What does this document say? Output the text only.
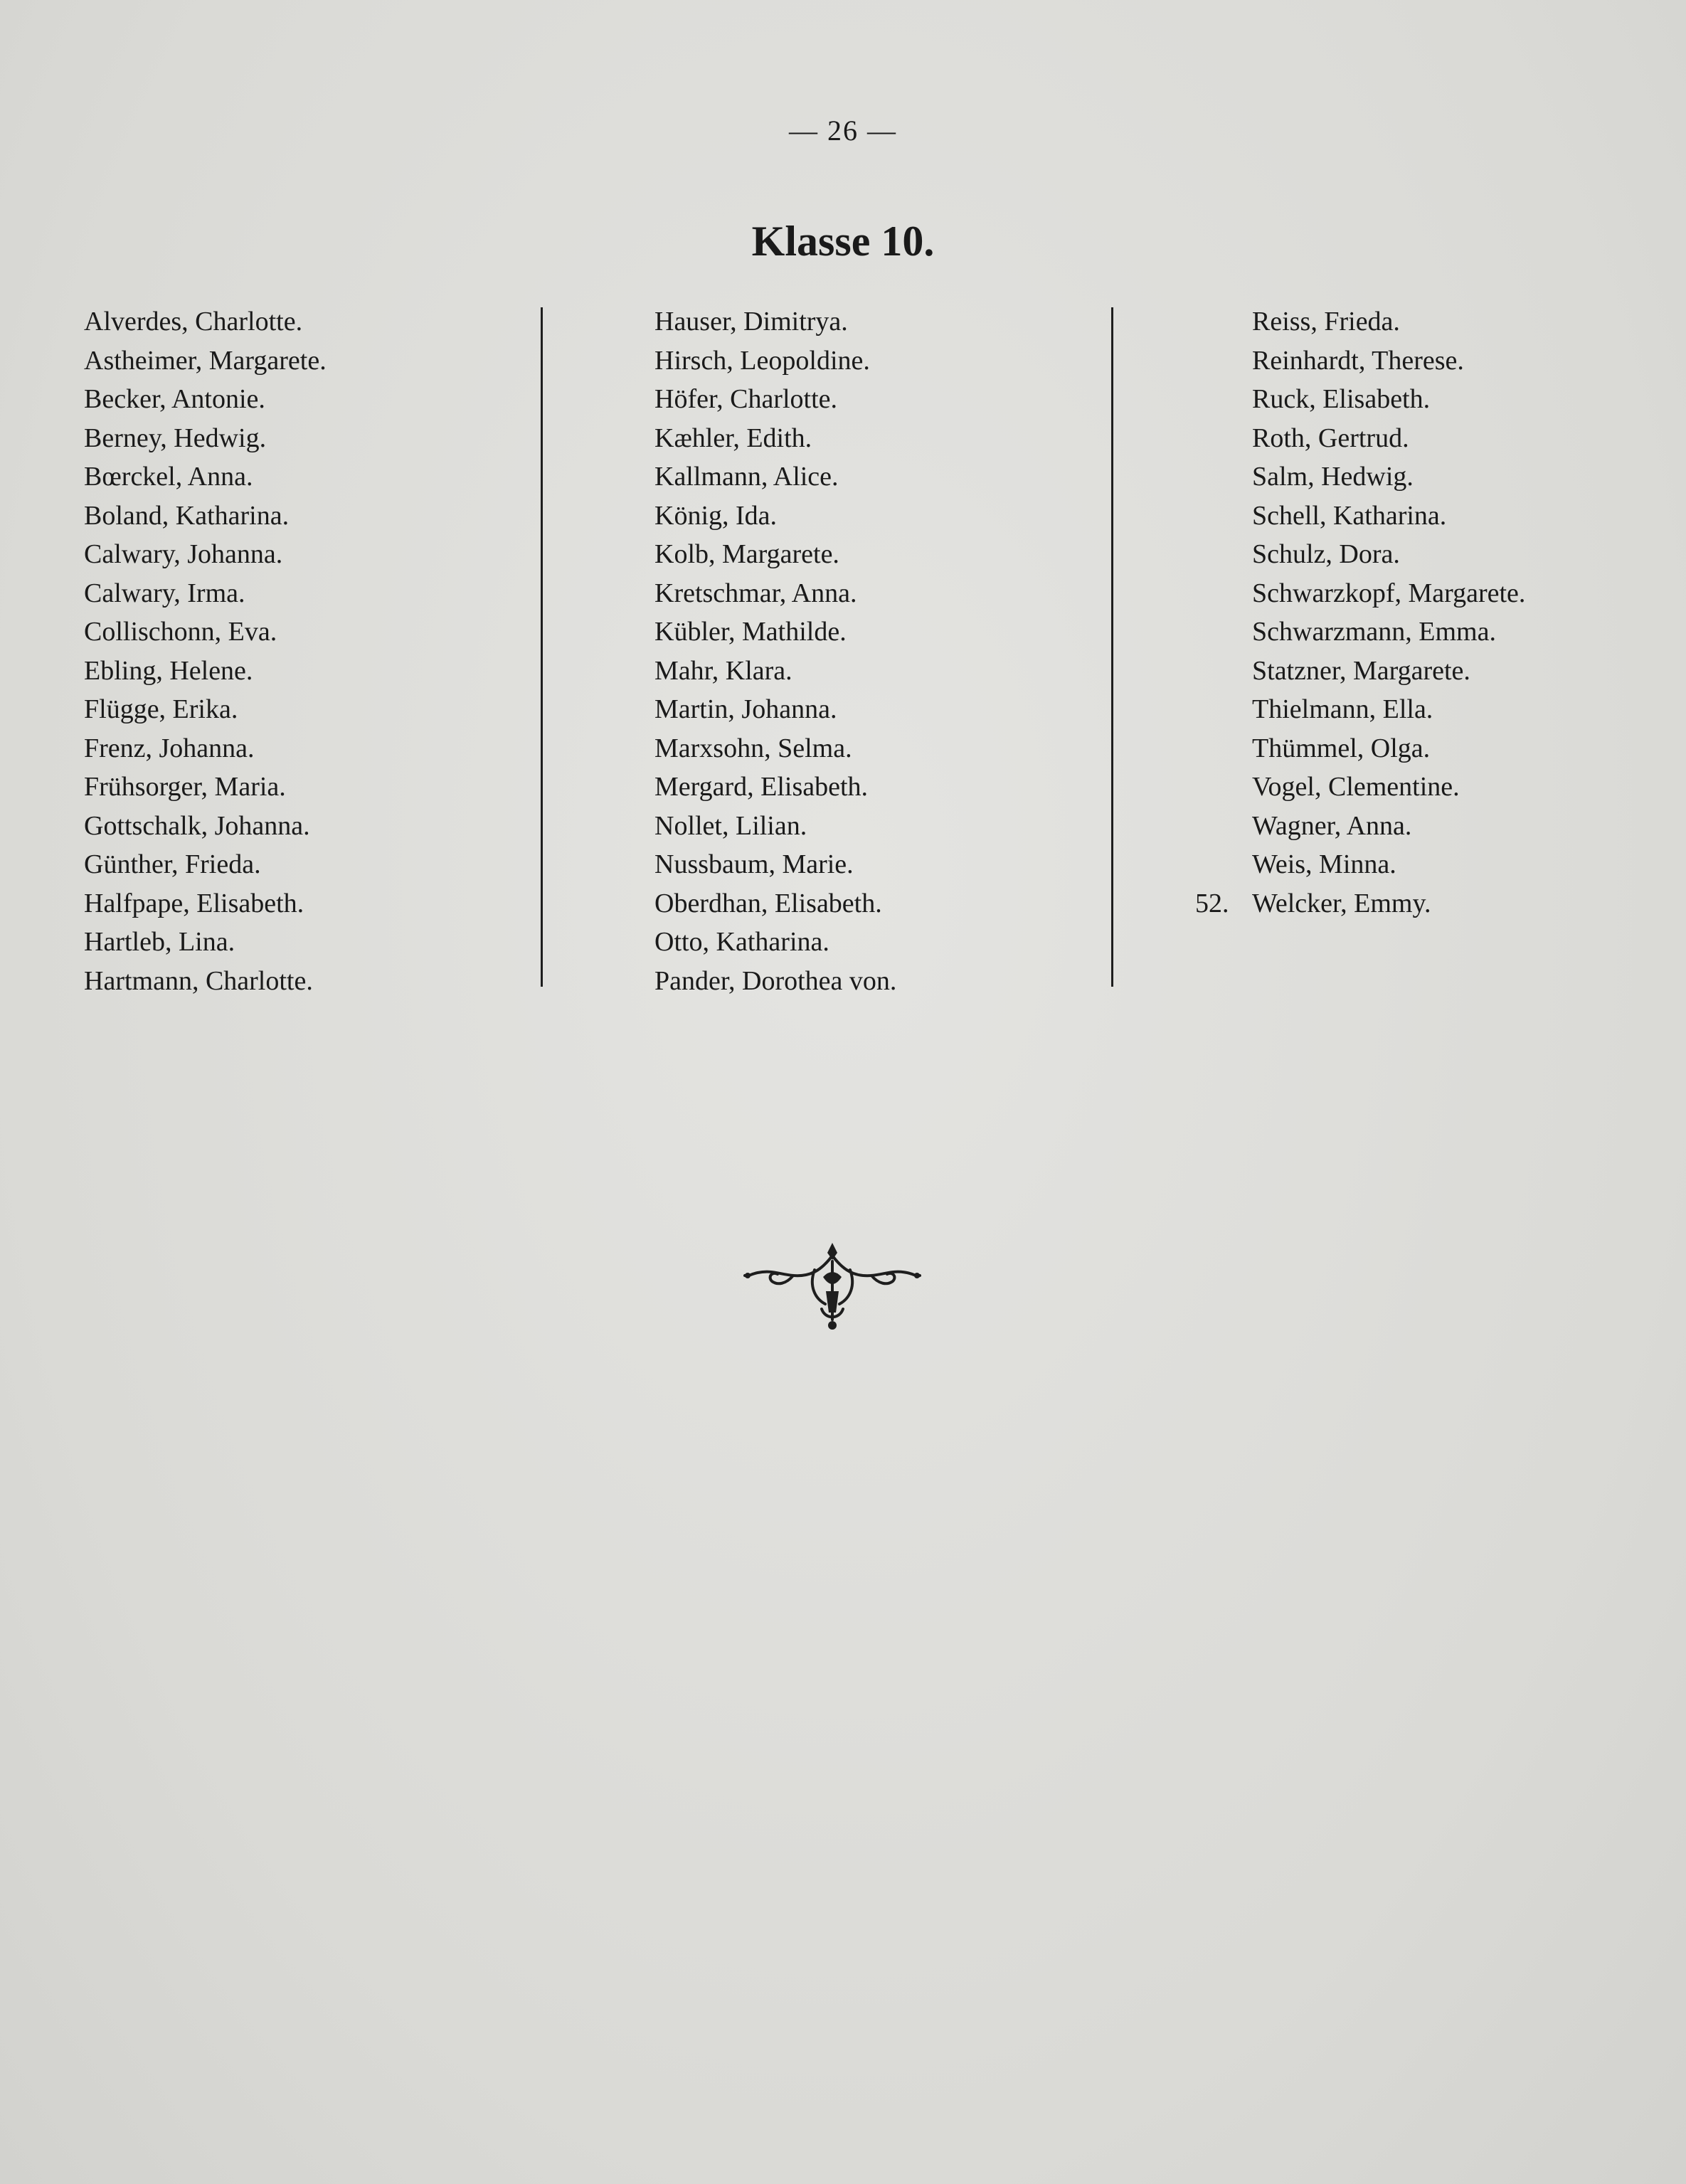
— 26 —
Klasse 10.
Alverdes, Charlotte.
Astheimer, Margarete.
Becker, Antonie.
Berney, Hedwig.
Bœrckel, Anna.
Boland, Katharina.
Calwary, Johanna.
Calwary, Irma.
Collischonn, Eva.
Ebling, Helene.
Flügge, Erika.
Frenz, Johanna.
Frühsorger, Maria.
Gottschalk, Johanna.
Günther, Frieda.
Halfpape, Elisabeth.
Hartleb, Lina.
Hartmann, Charlotte.
Hauser, Dimitrya.
Hirsch, Leopoldine.
Höfer, Charlotte.
Kæhler, Edith.
Kallmann, Alice.
König, Ida.
Kolb, Margarete.
Kretschmar, Anna.
Kübler, Mathilde.
Mahr, Klara.
Martin, Johanna.
Marxsohn, Selma.
Mergard, Elisabeth.
Nollet, Lilian.
Nussbaum, Marie.
Oberdhan, Elisabeth.
Otto, Katharina.
Pander, Dorothea von.
Reiss, Frieda.
Reinhardt, Therese.
Ruck, Elisabeth.
Roth, Gertrud.
Salm, Hedwig.
Schell, Katharina.
Schulz, Dora.
Schwarzkopf, Margarete.
Schwarzmann, Emma.
Statzner, Margarete.
Thielmann, Ella.
Thümmel, Olga.
Vogel, Clementine.
Wagner, Anna.
Weis, Minna.
52. Welcker, Emmy.
